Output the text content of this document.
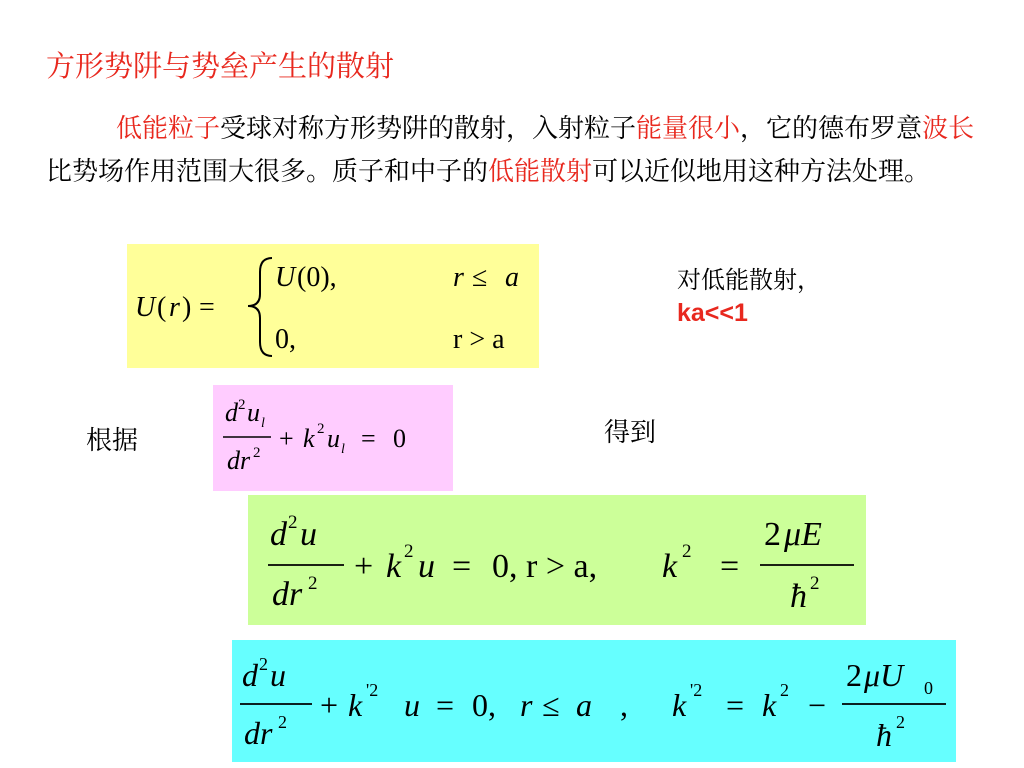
方形势阱与势垒产生的散射
低能粒子受球对称方形势阱的散射，入射粒子能量很小，它的德布罗意波长比势场作用范围大很多。质子和中子的低能散射可以近似地用这种方法处理。
U ( r ) =
U (0),	r ≤ a
0,	r > a
对低能散射，
ka<<1
根据	得到
d 2 u l
dr 2 + k 2 u l = 0
d 2 u
dr 2 + k 2 u = 0, r > a, k 2 =
2 μE
ħ 2
d 2 u
dr 2 + k '2 u = 0, r ≤ a , k '2 = k 2 −
2 μU 0
ħ 2
